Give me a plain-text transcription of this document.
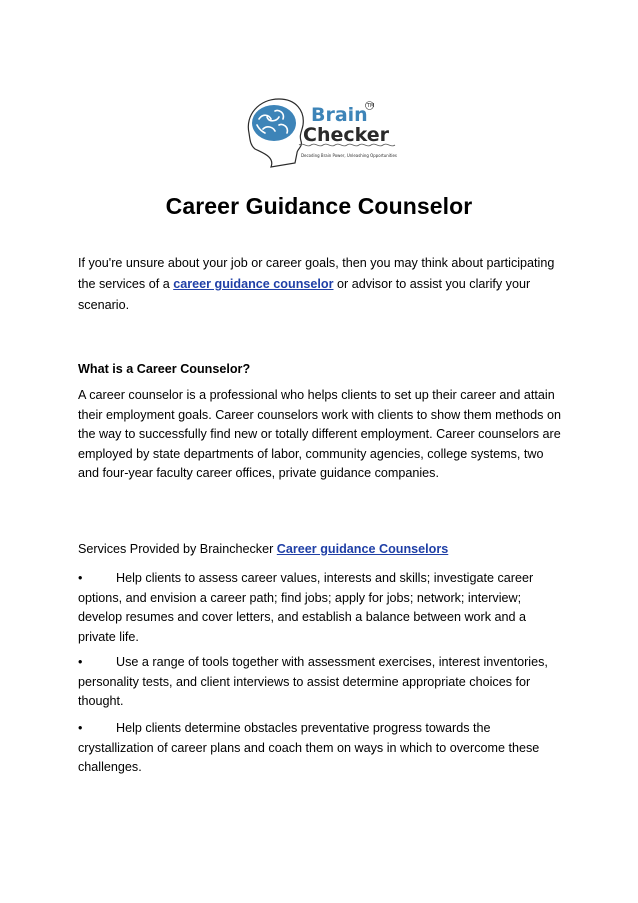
Brain TM
Checker
Decoding Brain Power, Unleashing Opportunities
Career Guidance Counselor
If you're unsure about your job or career goals, then you may think about participating the services of a career guidance counselor or advisor to assist you clarify your scenario.
What is a Career Counselor?
A career counselor is a professional who helps clients to set up their career and attain their employment goals. Career counselors work with clients to show them methods on the way to successfully find new or totally different employment. Career counselors are employed by state departments of labor, community agencies, college systems, two and four-year faculty career offices, private guidance companies.
Services Provided by Brainchecker Career guidance Counselors
•	Help clients to assess career values, interests and skills; investigate career options, and envision a career path; find jobs; apply for jobs; network; interview; develop resumes and cover letters, and establish a balance between work and a private life.
•	Use a range of tools together with assessment exercises, interest inventories, personality tests, and client interviews to assist determine appropriate choices for thought.
•	Help clients determine obstacles preventative progress towards the crystallization of career plans and coach them on ways in which to overcome these challenges.
